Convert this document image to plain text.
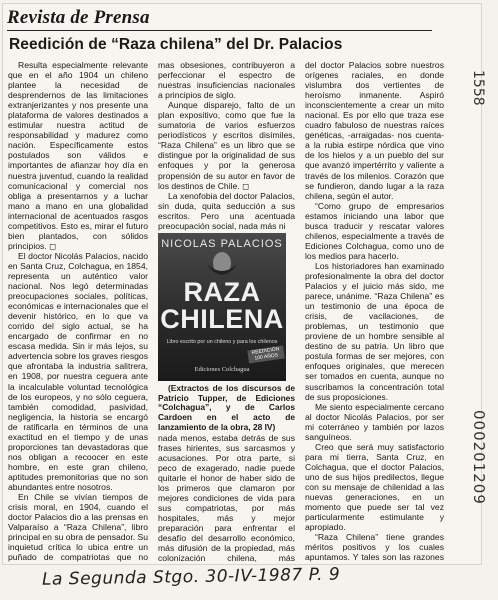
Revista de Prensa
Reedición de “Raza chilena” del Dr. Palacios

Resulta especialmente relevante que en el año 1904 un chileno plantee la necesidad de desprendernos de las limitaciones extranjerizantes y nos presente una plataforma de valores destinados a estimular nuestra actitud de responsabilidad y madurez como nación. Específicamente estos postulados son válidos e importantes de afianzar hoy día en nuestra juventud, cuando la realidad comunicacional y comercial nos obliga a presentarnos y a luchar mano a mano en una globalidad internacional de acentuados rasgos competitivos. Esto es, mirar el futuro bien plantados, con sólidos principios. ◻

El doctor Nicolás Palacios, nacido en Santa Cruz, Colchagua, en 1854, representa un auténtico valor nacional. Nos legó determinadas preocupaciones sociales, políticas, económicas e internacionales que el devenir histórico, en lo que va corrido del siglo actual, se ha encargado de confirmar en no escasa medida. Sin ir más lejos, su advertencia sobre los graves riesgos que afrontaba la industria salitrera, en 1908, por nuestra ceguera ante la incalculable voluntad tecnológica de los europeos, y no sólo ceguera, también comodidad, pasividad, negligencia, la historia se encargó de ratificarla en términos de una exactitud en el tiempo y de unas proporciones tan devastadoras que nos obligan a recoocer en este hombre, en este gran chileno, aptitudes premonitorias que no son abundantes entre nosotros.

En Chile se vivían tiempos de crisis moral, en 1904, cuando el doctor Palacios dio a las prensas en Valparaíso a “Raza Chilena”, libro principal en su obra de pensador. Su inquietud crítica lo ubica entre un puñado de compatriotas que no

mas obsesiones, contribuyeron a perfeccionar el espectro de nuestras insuficiencias nacionales a principios de siglo.

Aunque disparejo, falto de un plan expositivo, como que fue la sumatoria de varios esfuerzos periodísticos y escritos disímiles, “Raza Chilena” es un libro que se distingue por la originalidad de sus enfoques y por la generosa propensión de su autor en favor de los destinos de Chile. ◻

La xenofobia del doctor Palacios, sin duda, quita seducción a sus escritos. Pero una acentuada preocupación social, nada más ni

NICOLAS PALACIOS
RAZA CHILENA
Libro escrito por un chileno y para los chilenos
REEDICIÓN 100 AÑOS
Ediciones Colchagua

(Extractos de los discursos de Patricio Tupper, de Ediciones “Colchagua”, y de Carlos Cardoen en el acto de lanzamiento de la obra, 28 IV)

nada menos, estaba detrás de sus frases hirientes, sus sarcasmos y acusaciones. Por otra parte, si peco de exagerado, nadie puede quitarle el honor de haber sido de los primeros que clamaron por mejores condiciones de vida para sus compatriotas, por más hospitales, más y mejor preparación para enfrentar el desafío del desarrollo económico, más difusión de la propiedad, más colonización chilena, más

del doctor Palacios sobre nuestros orígenes raciales, en donde vislumbra dos vertientes de heroísmo inmanente. Aspiró inconscientemente a crear un mito nacional. Es por ello que traza ese cuadro fabuloso de nuestras raíces genéticas, -arraigadas- nos cuenta- a la rubia estirpe nórdica que vino de los hielos y a un pueblo del sur que avanzó impertérrito y valiente a través de los milenios. Corazón que se fundieron, dando lugar a la raza chilena, según el autor.

“Como grupo de empresarios estamos iniciando una labor que busca traducir y rescatar valores chilenos, especialmente a través de Ediciones Colchagua, como uno de los medios para hacerlo.

Los historiadores han examinado profesionalmente la obra del doctor Palacios y el juicio más sido, me parece, unánime. “Raza Chilena” es un testimonio de una época de crisis, de vacilaciones, de problemas, un testimonio que proviene de un hombre sensible al destino de su patria. Un libro que postula formas de ser mejores, con enfoques originales, que merecen ser tomados en cuenta, aunque no suscribamos la concentración total de sus proposiciones.

Me siento especialmente cercano al doctor Nicolás Palacios, por ser mi coterráneo y también por lazos sanguíneos.

Creo que será muy satisfactorio para mi tierra, Santa Cruz, en Colchagua, que el doctor Palacios, uno de sus hijos predilectos, llegue con su mensaje de chilenidad a las nuevas generaciones, en un momento que puede ser tal vez particularmente estimulante y apropiado.

“Raza Chilena” tiene grandes méritos positivos y los cuales apuntamos. Y tales son las razones

1558
000201209
La Segunda Stgo. 30-IV-1987 P. 9
